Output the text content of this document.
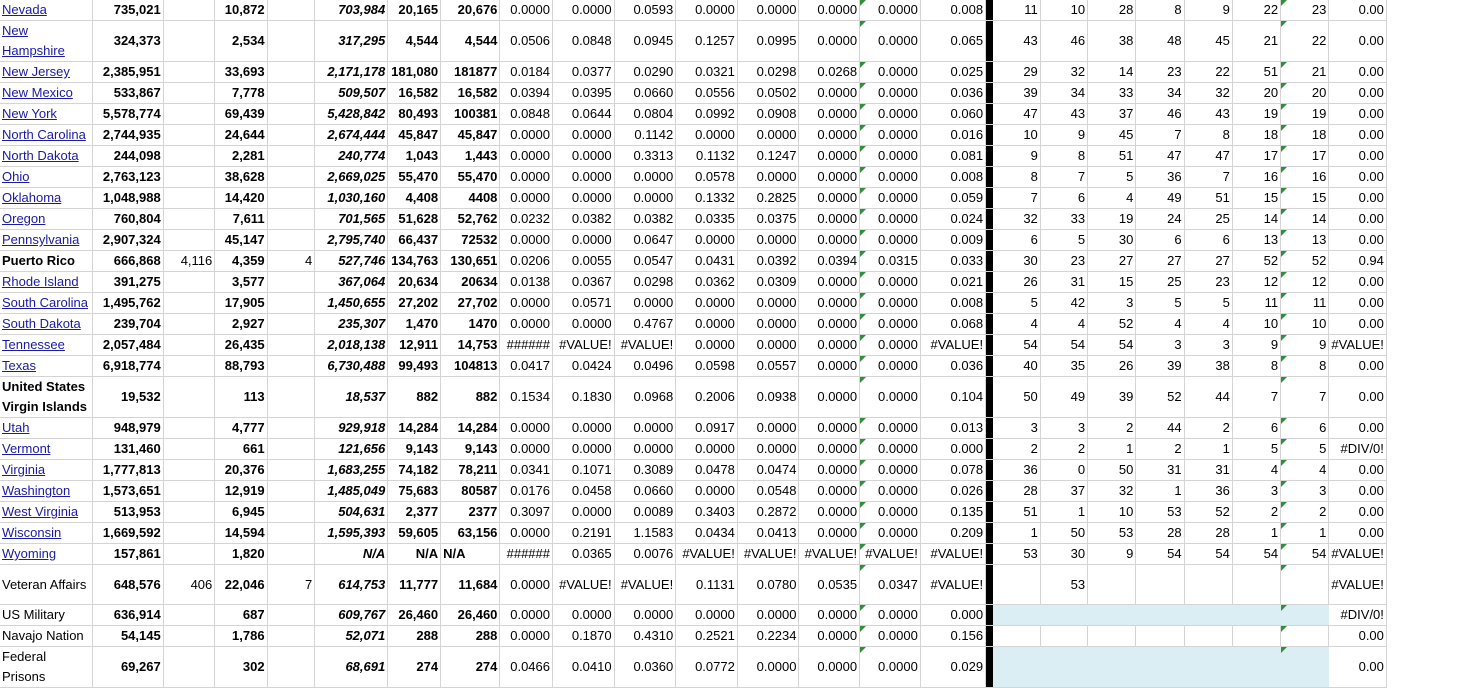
Nevada	735,021		10,872		703,984	20,165	20,676	0.0000	0.0000	0.0593	0.0000	0.0000	0.0000	0.0000	0.008		11	10	28	8	9	22	23	0.00
New Hampshire	324,373		2,534		317,295	4,544	4,544	0.0506	0.0848	0.0945	0.1257	0.0995	0.0000	0.0000	0.065		43	46	38	48	45	21	22	0.00
New Jersey	2,385,951		33,693		2,171,178	181,080	181877	0.0184	0.0377	0.0290	0.0321	0.0298	0.0268	0.0000	0.025		29	32	14	23	22	51	21	0.00
New Mexico	533,867		7,778		509,507	16,582	16,582	0.0394	0.0395	0.0660	0.0556	0.0502	0.0000	0.0000	0.036		39	34	33	34	32	20	20	0.00
New York	5,578,774		69,439		5,428,842	80,493	100381	0.0848	0.0644	0.0804	0.0992	0.0908	0.0000	0.0000	0.060		47	43	37	46	43	19	19	0.00
North Carolina	2,744,935		24,644		2,674,444	45,847	45,847	0.0000	0.0000	0.1142	0.0000	0.0000	0.0000	0.0000	0.016		10	9	45	7	8	18	18	0.00
North Dakota	244,098		2,281		240,774	1,043	1,443	0.0000	0.0000	0.3313	0.1132	0.1247	0.0000	0.0000	0.081		9	8	51	47	47	17	17	0.00
Ohio	2,763,123		38,628		2,669,025	55,470	55,470	0.0000	0.0000	0.0000	0.0578	0.0000	0.0000	0.0000	0.008		8	7	5	36	7	16	16	0.00
Oklahoma	1,048,988		14,420		1,030,160	4,408	4408	0.0000	0.0000	0.0000	0.1332	0.2825	0.0000	0.0000	0.059		7	6	4	49	51	15	15	0.00
Oregon	760,804		7,611		701,565	51,628	52,762	0.0232	0.0382	0.0382	0.0335	0.0375	0.0000	0.0000	0.024		32	33	19	24	25	14	14	0.00
Pennsylvania	2,907,324		45,147		2,795,740	66,437	72532	0.0000	0.0000	0.0647	0.0000	0.0000	0.0000	0.0000	0.009		6	5	30	6	6	13	13	0.00
Puerto Rico	666,868	4,116	4,359	4	527,746	134,763	130,651	0.0206	0.0055	0.0547	0.0431	0.0392	0.0394	0.0315	0.033		30	23	27	27	27	52	52	0.94
Rhode Island	391,275		3,577		367,064	20,634	20634	0.0138	0.0367	0.0298	0.0362	0.0309	0.0000	0.0000	0.021		26	31	15	25	23	12	12	0.00
South Carolina	1,495,762		17,905		1,450,655	27,202	27,702	0.0000	0.0571	0.0000	0.0000	0.0000	0.0000	0.0000	0.008		5	42	3	5	5	11	11	0.00
South Dakota	239,704		2,927		235,307	1,470	1470	0.0000	0.0000	0.4767	0.0000	0.0000	0.0000	0.0000	0.068		4	4	52	4	4	10	10	0.00
Tennessee	2,057,484		26,435		2,018,138	12,911	14,753	######	#VALUE!	#VALUE!	0.0000	0.0000	0.0000	0.0000	#VALUE!		54	54	54	3	3	9	9	#VALUE!
Texas	6,918,774		88,793		6,730,488	99,493	104813	0.0417	0.0424	0.0496	0.0598	0.0557	0.0000	0.0000	0.036		40	35	26	39	38	8	8	0.00
United States Virgin Islands	19,532		113		18,537	882	882	0.1534	0.1830	0.0968	0.2006	0.0938	0.0000	0.0000	0.104		50	49	39	52	44	7	7	0.00
Utah	948,979		4,777		929,918	14,284	14,284	0.0000	0.0000	0.0000	0.0917	0.0000	0.0000	0.0000	0.013		3	3	2	44	2	6	6	0.00
Vermont	131,460		661		121,656	9,143	9,143	0.0000	0.0000	0.0000	0.0000	0.0000	0.0000	0.0000	0.000		2	2	1	2	1	5	5	#DIV/0!
Virginia	1,777,813		20,376		1,683,255	74,182	78,211	0.0341	0.1071	0.3089	0.0478	0.0474	0.0000	0.0000	0.078		36	0	50	31	31	4	4	0.00
Washington	1,573,651		12,919		1,485,049	75,683	80587	0.0176	0.0458	0.0660	0.0000	0.0548	0.0000	0.0000	0.026		28	37	32	1	36	3	3	0.00
West Virginia	513,953		6,945		504,631	2,377	2377	0.3097	0.0000	0.0089	0.3403	0.2872	0.0000	0.0000	0.135		51	1	10	53	52	2	2	0.00
Wisconsin	1,669,592		14,594		1,595,393	59,605	63,156	0.0000	0.2191	1.1583	0.0434	0.0413	0.0000	0.0000	0.209		1	50	53	28	28	1	1	0.00
Wyoming	157,861		1,820		N/A	N/A	N/A	######	0.0365	0.0076	#VALUE!	#VALUE!	#VALUE!	#VALUE!	#VALUE!		53	30	9	54	54	54	54	#VALUE!
Veteran Affairs	648,576	406	22,046	7	614,753	11,777	11,684	0.0000	#VALUE!	#VALUE!	0.1131	0.0780	0.0535	0.0347	#VALUE!			53						#VALUE!
US Military	636,914		687		609,767	26,460	26,460	0.0000	0.0000	0.0000	0.0000	0.0000	0.0000	0.0000	0.000									#DIV/0!
Navajo Nation	54,145		1,786		52,071	288	288	0.0000	0.1870	0.4310	0.2521	0.2234	0.0000	0.0000	0.156									0.00
Federal Prisons	69,267		302		68,691	274	274	0.0466	0.0410	0.0360	0.0772	0.0000	0.0000	0.0000	0.029									0.00
